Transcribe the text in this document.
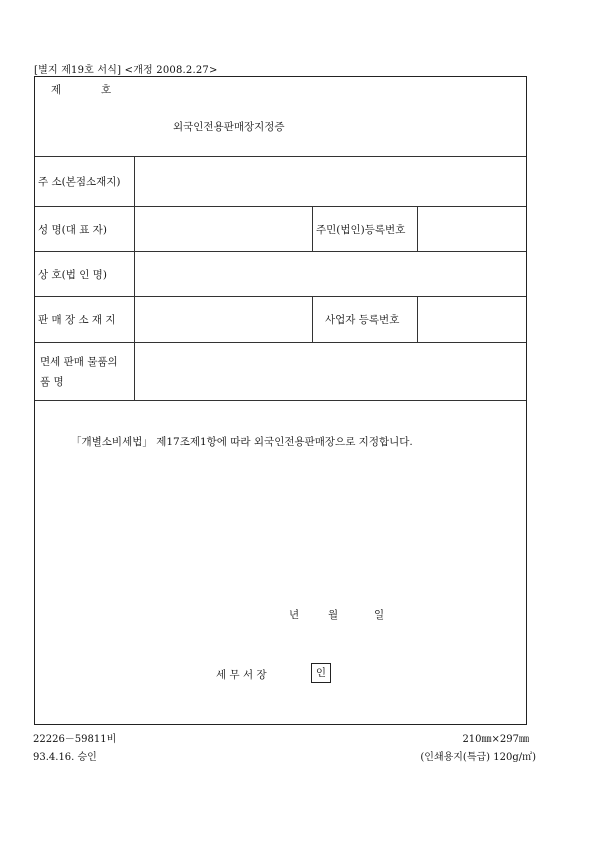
[별지 제19호 서식] <개정 2008.2.27>
제	호
외국인전용판매장지정증
주 소(본점소재지)
성 명(대 표 자)	주민(법인)등록번호
상 호(법 인 명)
판 매 장 소 재 지	사업자 등록번호
면세 판매 물품의
품 명
「개별소비세법」 제17조제1항에 따라 외국인전용판매장으로 지정합니다.
년	월	일
세 무 서 장	인
22226－59811비
93.4.16. 승인
210㎜×297㎜
(인쇄용지(특급) 120g/㎡)
